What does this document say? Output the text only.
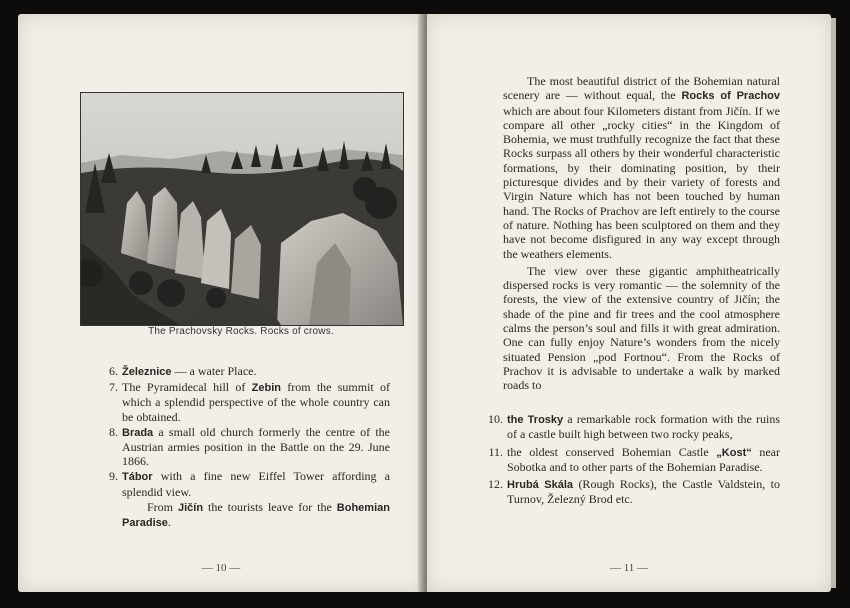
The Prachovsky Rocks. Rocks of crows.
6. Železnice — a water Place.
7. The Pyramidecal hill of Zebin from the summit of which a splendid perspective of the whole country can be obtained.
8. Brada a small old church formerly the centre of the Austrian armies position in the Battle on the 29. June 1866.
9. Tábor with a fine new Eiffel Tower affording a splendid view.
From Jičín the tourists leave for the Bohemian Paradise.
— 10 —

The most beautiful district of the Bohemian natural scenery are — without equal, the Rocks of Prachov which are about four Kilometers distant from Jičín. If we compare all other „rocky cities“ in the Kingdom of Bohemia, we must truthfully recognize the fact that these Rocks surpass all others by their wonderful characteristic formations, by their dominating position, by their picturesque divides and by their variety of forests and Virgin Nature which has not been touched by human hand. The Rocks of Prachov are left entirely to the course of nature. Nothing has been sculptored on them and they have not become disfigured in any way except through the weathers elements.

The view over these gigantic amphitheatrically dispersed rocks is very romantic — the solemnity of the forests, the view of the extensive country of Jičín; the shade of the pine and fir trees and the cool atmosphere calms the person’s soul and fills it with great admiration. One can fully enjoy Nature’s wonders from the nicely situated Pension „pod Fortnou“. From the Rocks of Prachov it is advisable to undertake a walk by marked roads to

10. the Trosky a remarkable rock formation with the ruins of a castle built high between two rocky peaks,
11. the oldest conserved Bohemian Castle „Kost“ near Sobotka and to other parts of the Bohemian Paradise.
12. Hrubá Skála (Rough Rocks), the Castle Valdstein, to Turnov, Železný Brod etc.
— 11 —
